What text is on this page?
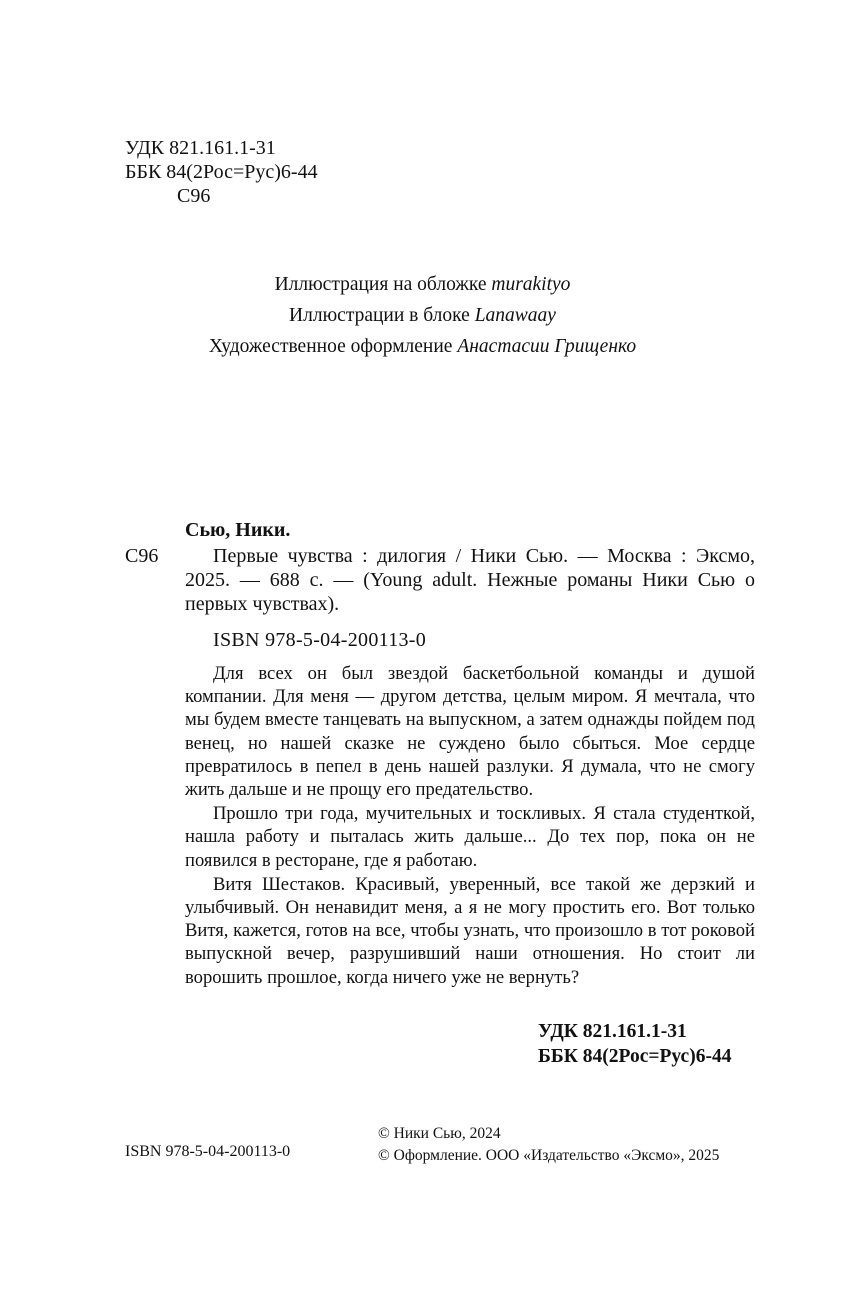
УДК 821.161.1-31
ББК 84(2Рос=Рус)6-44
С96
Иллюстрация на обложке murakityo
Иллюстрации в блоке Lanawaay
Художественное оформление Анастасии Грищенко
Сью, Ники.
С96	Первые чувства : дилогия / Ники Сью. — Москва : Эксмо, 2025. — 688 с. — (Young adult. Нежные романы Ники Сью о первых чувствах).
ISBN 978-5-04-200113-0

Для всех он был звездой баскетбольной команды и душой компании. Для меня — другом детства, целым миром. Я мечтала, что мы будем вместе танцевать на выпускном, а затем однажды пойдем под венец, но нашей сказке не суждено было сбыться. Мое сердце превратилось в пепел в день нашей разлуки. Я думала, что не смогу жить дальше и не прощу его предательство.

Прошло три года, мучительных и тоскливых. Я стала студенткой, нашла работу и пыталась жить дальше... До тех пор, пока он не появился в ресторане, где я работаю.

Витя Шестаков. Красивый, уверенный, все такой же дерзкий и улыбчивый. Он ненавидит меня, а я не могу простить его. Вот только Витя, кажется, готов на все, чтобы узнать, что произошло в тот роковой выпускной вечер, разрушивший наши отношения. Но стоит ли ворошить прошлое, когда ничего уже не вернуть?

УДК 821.161.1-31
ББК 84(2Рос=Рус)6-44
ISBN 978-5-04-200113-0
© Ники Сью, 2024
© Оформление. ООО «Издательство «Эксмо», 2025
